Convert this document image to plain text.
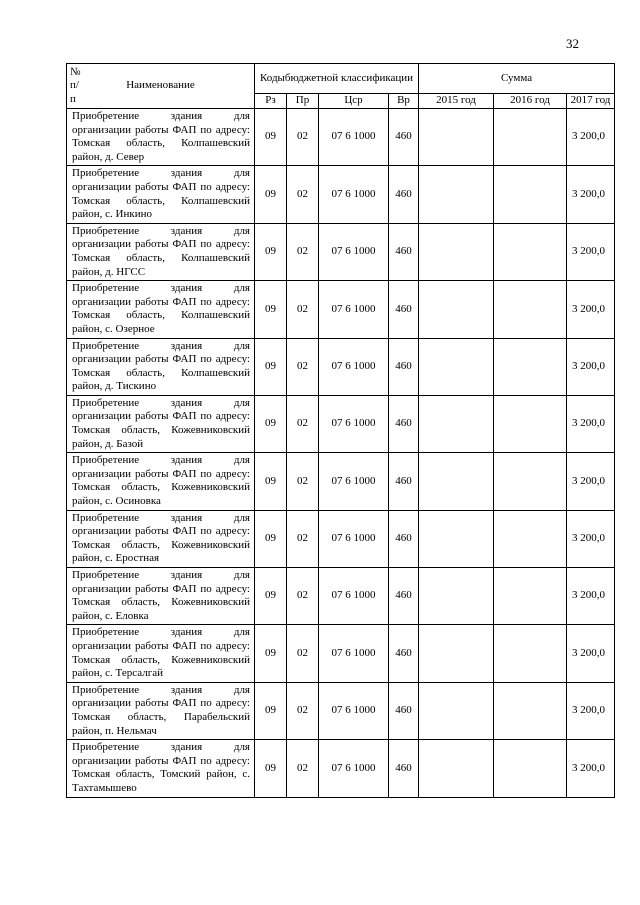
32
№ п/п	Наименование	Кодыбюджетной классификации				Сумма		
	Рз	Пр	Цср	Вр	2015 год	2016 год	2017 год
	Приобретение здания для организации работы ФАП по адресу: Томская область, Колпашевский район, д. Север	09	02	07 6 1000	460			3 200,0
	Приобретение здания для организации работы ФАП по адресу: Томская область, Колпашевский район, с. Инкино	09	02	07 6 1000	460			3 200,0
	Приобретение здания для организации работы ФАП по адресу: Томская область, Колпашевский район, д. НГСС	09	02	07 6 1000	460			3 200,0
	Приобретение здания для организации работы ФАП по адресу: Томская область, Колпашевский район, с. Озерное	09	02	07 6 1000	460			3 200,0
	Приобретение здания для организации работы ФАП по адресу: Томская область, Колпашевский район, д. Тискино	09	02	07 6 1000	460			3 200,0
	Приобретение здания для организации работы ФАП по адресу: Томская область, Кожевниковский район, д. Базой	09	02	07 6 1000	460			3 200,0
	Приобретение здания для организации работы ФАП по адресу: Томская область, Кожевниковский район, с. Осиновка	09	02	07 6 1000	460			3 200,0
	Приобретение здания для организации работы ФАП по адресу: Томская область, Кожевниковский район, с. Еростная	09	02	07 6 1000	460			3 200,0
	Приобретение здания для организации работы ФАП по адресу: Томская область, Кожевниковский район, с. Еловка	09	02	07 6 1000	460			3 200,0
	Приобретение здания для организации работы ФАП по адресу: Томская область, Кожевниковский район, с. Терсалгай	09	02	07 6 1000	460			3 200,0
	Приобретение здания для организации работы ФАП по адресу: Томская область, Парабельский район, п. Нельмач	09	02	07 6 1000	460			3 200,0
	Приобретение здания для организации работы ФАП по адресу: Томская область, Томский район, с. Тахтамышево	09	02	07 6 1000	460			3 200,0
